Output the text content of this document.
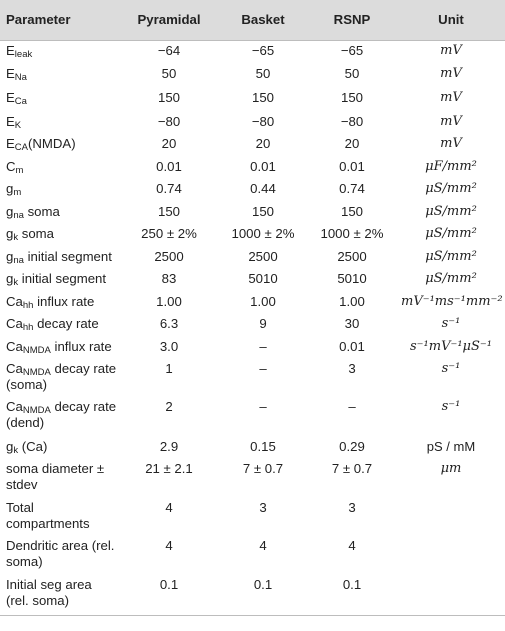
Parameter	Pyramidal	Basket	RSNP	Unit
$E_{leak}$	−64	−65	−65	mV
$E_{Na}$	50	50	50	mV
$E_{Ca}$	150	150	150	mV
$E_K$	−80	−80	−80	mV
$E_{CA}(NMDA)$	20	20	20	mV
$C_m$	0.01	0.01	0.01	μF/mm²
$g_m$	0.74	0.44	0.74	μS/mm²
$g_{na}$ soma	150	150	150	μS/mm²
$g_k$ soma	250 ± 2%	1000 ± 2%	1000 ± 2%	μS/mm²
$g_{na}$ initial segment	2500	2500	2500	μS/mm²
$g_k$ initial segment	83	5010	5010	μS/mm²
$Ca_{hh}$ influx rate	1.00	1.00	1.00	mV⁻¹ms⁻¹mm⁻²
$Ca_{hh}$ decay rate	6.3	9	30	s⁻¹
$Ca_{NMDA}$ influx rate	3.0	–	0.01	s⁻¹mV⁻¹μS⁻¹
$Ca_{NMDA}$ decay rate (soma)	1	–	3	s⁻¹
$Ca_{NMDA}$ decay rate (dend)	2	–	–	s⁻¹
$g_k$ (Ca)	2.9	0.15	0.29	pS / mM
soma diameter ± stdev	21 ± 2.1	7 ± 0.7	7 ± 0.7	μm
Total compartments	4	3	3	
Dendritic area (rel. soma)	4	4	4	
Initial seg area (rel. soma)	0.1	0.1	0.1	
